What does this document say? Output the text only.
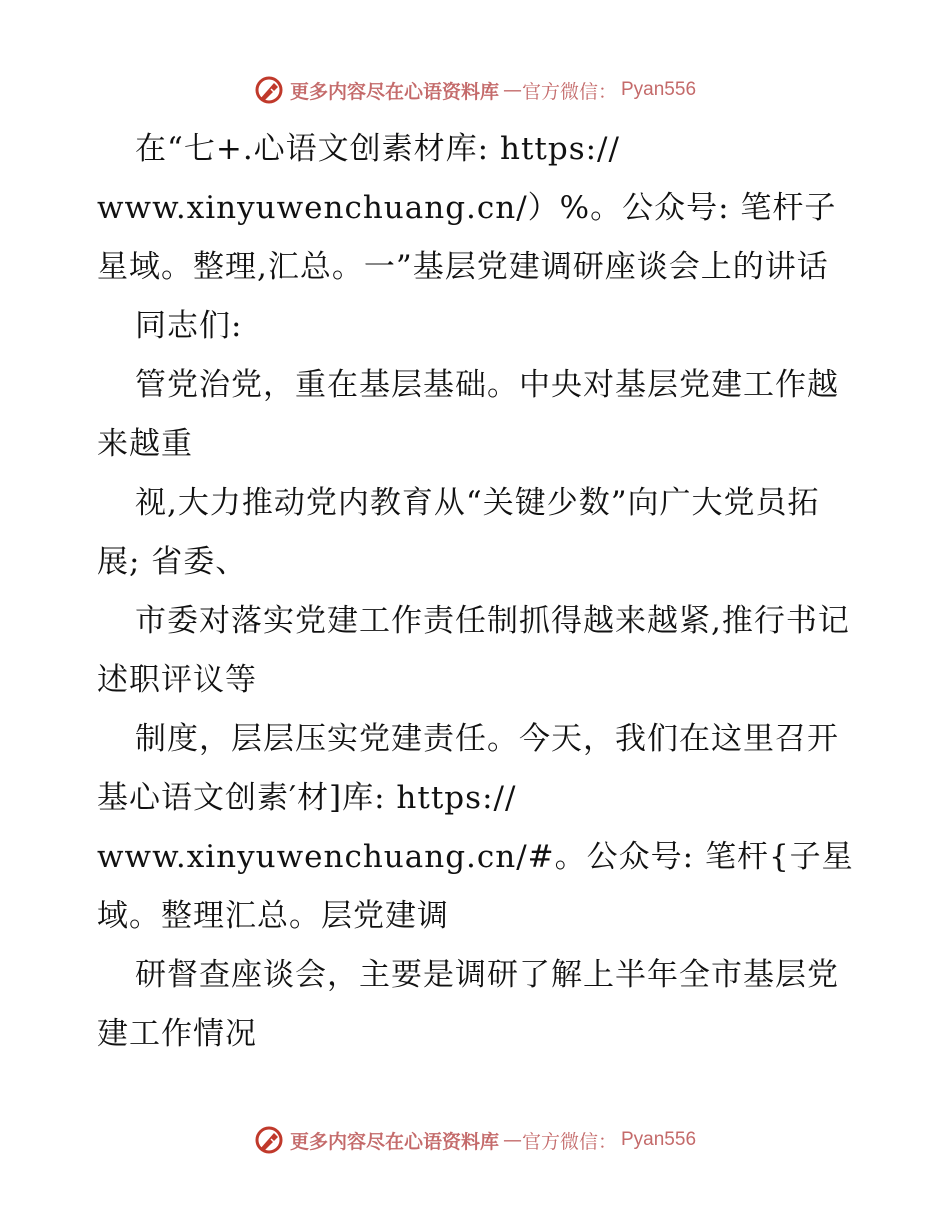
更多内容尽在心语资料库 — 官方微信： Pyan556

在“七+.心语文创素材库: https://
www.xinyuwenchuang.cn/）%。公众号: 笔杆子星域。整理,汇总。一”基层党建调研座谈会上的讲话

同志们:

管党治党，重在基层基础。中央对基层党建工作越来越重

视,大力推动党内教育从“关键少数”向广大党员拓展; 省委、

市委对落实党建工作责任制抓得越来越紧,推行书记述职评议等

制度，层层压实党建责任。今天，我们在这里召开基心语文创素′材]库: https://
www.xinyuwenchuang.cn/#。公众号: 笔杆{子星域。整理汇总。层党建调

研督查座谈会，主要是调研了解上半年全市基层党建工作情况

更多内容尽在心语资料库 — 官方微信： Pyan556
